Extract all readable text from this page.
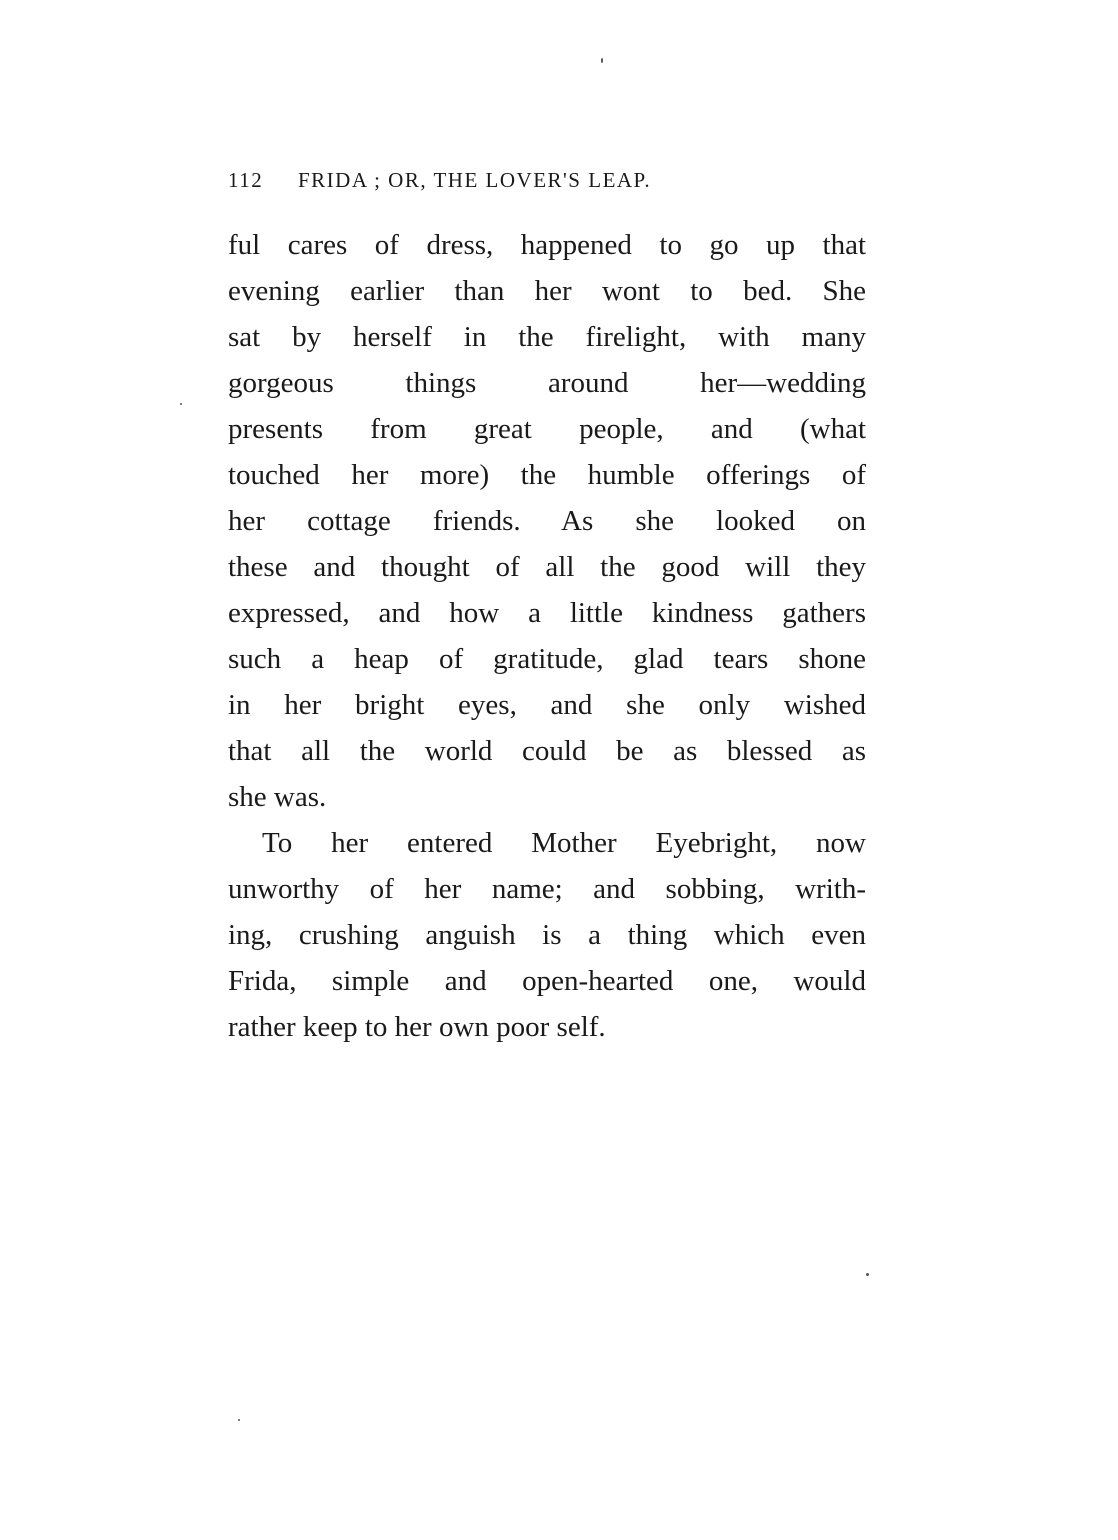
112 FRIDA ; OR, THE LOVER'S LEAP.
ful cares of dress, happened to go up that
evening earlier than her wont to bed. She
sat by herself in the firelight, with many
gorgeous things around her—wedding
presents from great people, and (what
touched her more) the humble offerings of
her cottage friends. As she looked on
these and thought of all the good will they
expressed, and how a little kindness gathers
such a heap of gratitude, glad tears shone
in her bright eyes, and she only wished
that all the world could be as blessed as
she was.
To her entered Mother Eyebright, now
unworthy of her name; and sobbing, writh-
ing, crushing anguish is a thing which even
Frida, simple and open-hearted one, would
rather keep to her own poor self.
